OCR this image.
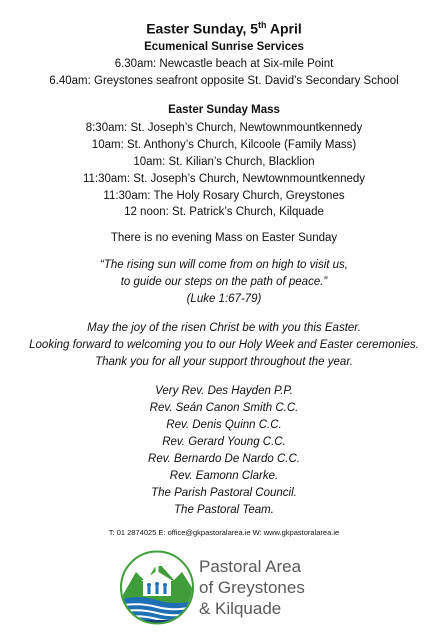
Easter Sunday, 5th April
Ecumenical Sunrise Services
6.30am: Newcastle beach at Six-mile Point
6.40am: Greystones seafront opposite St. David’s Secondary School
Easter Sunday Mass
8:30am: St. Joseph’s Church, Newtownmountkennedy
10am: St. Anthony’s Church, Kilcoole (Family Mass)
10am: St. Kilian’s Church, Blacklion
11:30am: St. Joseph’s Church, Newtownmountkennedy
11:30am: The Holy Rosary Church, Greystones
12 noon: St. Patrick’s Church, Kilquade
There is no evening Mass on Easter Sunday
“The rising sun will come from on high to visit us,
to guide our steps on the path of peace.”
(Luke 1:67-79)
May the joy of the risen Christ be with you this Easter.
Looking forward to welcoming you to our Holy Week and Easter ceremonies.
Thank you for all your support throughout the year.
Very Rev. Des Hayden P.P.
Rev. Seán Canon Smith C.C.
Rev. Denis Quinn C.C.
Rev. Gerard Young C.C.
Rev. Bernardo De Nardo C.C.
Rev. Eamonn Clarke.
The Parish Pastoral Council.
The Pastoral Team.
T: 01 2874025 E: office@gkpastoralarea.ie W: www.gkpastoralarea.ie
Pastoral Area
of Greystones
& Kilquade
